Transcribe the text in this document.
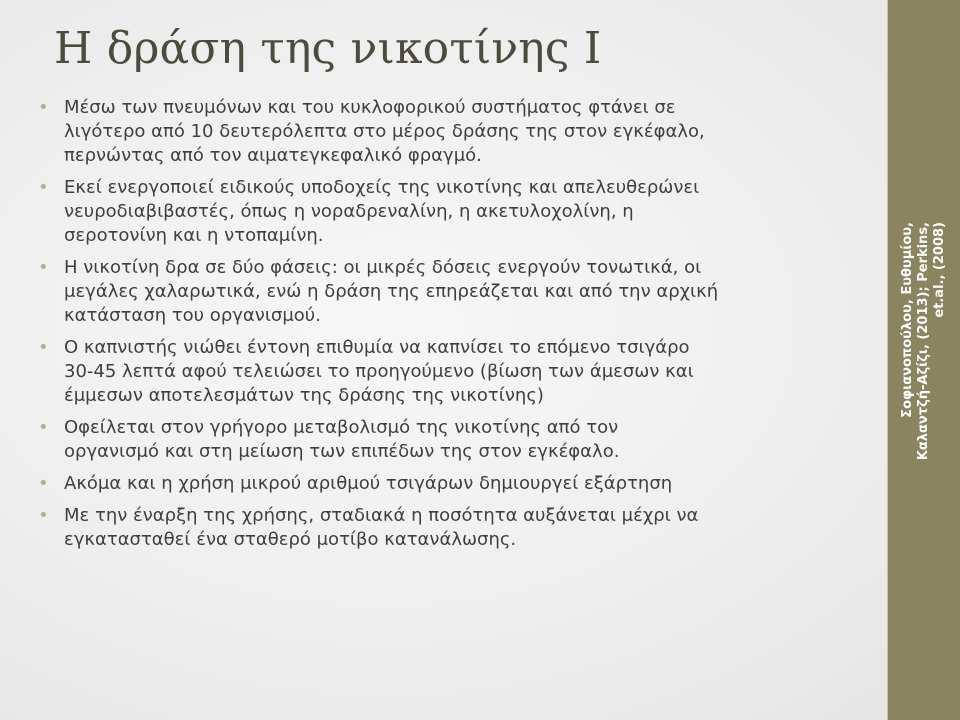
Η δράση της νικοτίνης Ι
• Μέσω των πνευμόνων και του κυκλοφορικού συστήματος φτάνει σε
λιγότερο από 10 δευτερόλεπτα στο μέρος δράσης της στον εγκέφαλο,
περνώντας από τον αιματεγκεφαλικό φραγμό.
• Εκεί ενεργοποιεί ειδικούς υποδοχείς της νικοτίνης και απελευθερώνει
νευροδιαβιβαστές, όπως η νοραδρεναλίνη, η ακετυλοχολίνη, η
σεροτονίνη και η ντοπαμίνη.
• Η νικοτίνη δρα σε δύο φάσεις: οι μικρές δόσεις ενεργούν τονωτικά, οι
μεγάλες χαλαρωτικά, ενώ η δράση της επηρεάζεται και από την αρχική
κατάσταση του οργανισμού.
• Ο καπνιστής νιώθει έντονη επιθυμία να καπνίσει το επόμενο τσιγάρο
30-45 λεπτά αφού τελειώσει το προηγούμενο (βίωση των άμεσων και
έμμεσων αποτελεσμάτων της δράσης της νικοτίνης)
• Οφείλεται στον γρήγορο μεταβολισμό της νικοτίνης από τον
οργανισμό και στη μείωση των επιπέδων της στον εγκέφαλο.
• Ακόμα και η χρήση μικρού αριθμού τσιγάρων δημιουργεί εξάρτηση
• Με την έναρξη της χρήσης, σταδιακά η ποσότητα αυξάνεται μέχρι να
εγκατασταθεί ένα σταθερό μοτίβο κατανάλωσης.
Σοφιανοπούλου, Ευθυμίου,
Καλαντζή-Αζίζι, (2013); Perkins,
et.al., (2008)
